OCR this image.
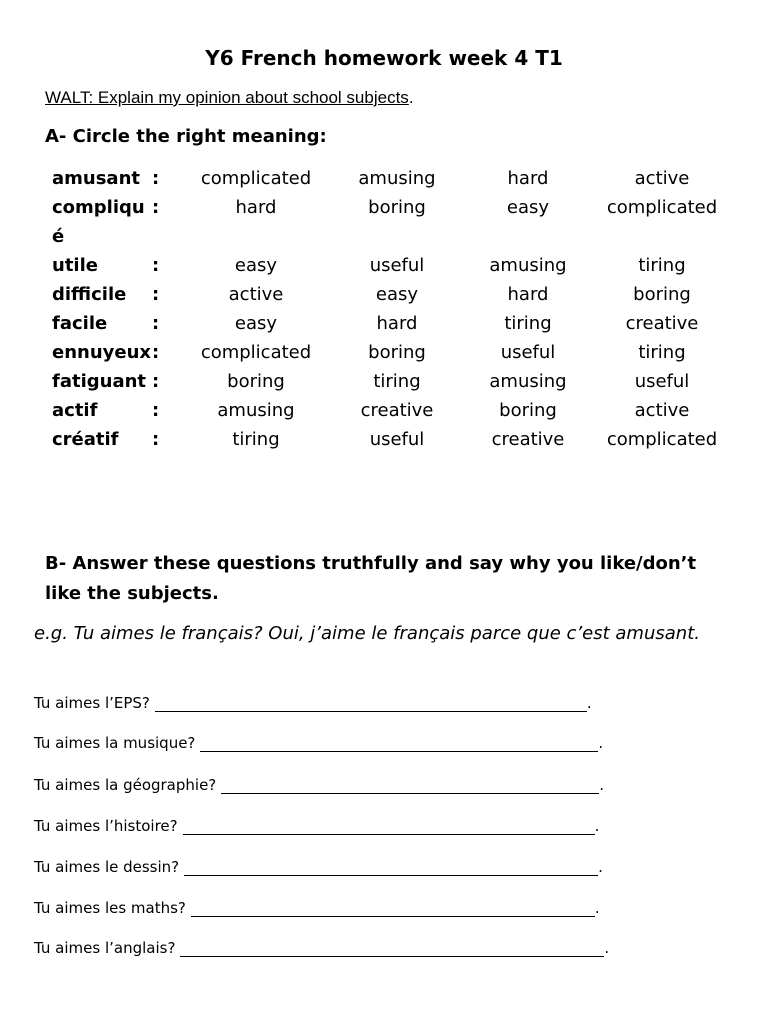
Y6 French homework week 4 T1
WALT: Explain my opinion about school subjects.
A- Circle the right meaning:
amusant	:	complicated	amusing	hard	active
compliqué	:	hard	boring	easy	complicated
utile	:	easy	useful	amusing	tiring
difficile	:	active	easy	hard	boring
facile	:	easy	hard	tiring	creative
ennuyeux	:	complicated	boring	useful	tiring
fatiguant	:	boring	tiring	amusing	useful
actif	:	amusing	creative	boring	active
créatif	:	tiring	useful	creative	complicated
B- Answer these questions truthfully and say why you like/don’t like the subjects.
e.g. Tu aimes le français? Oui, j’aime le français parce que c’est amusant.
Tu aimes l’EPS?	.
Tu aimes la musique?	.
Tu aimes la géographie?	.
Tu aimes l’histoire?	.
Tu aimes le dessin?	.
Tu aimes les maths?	.
Tu aimes l’anglais?	.
